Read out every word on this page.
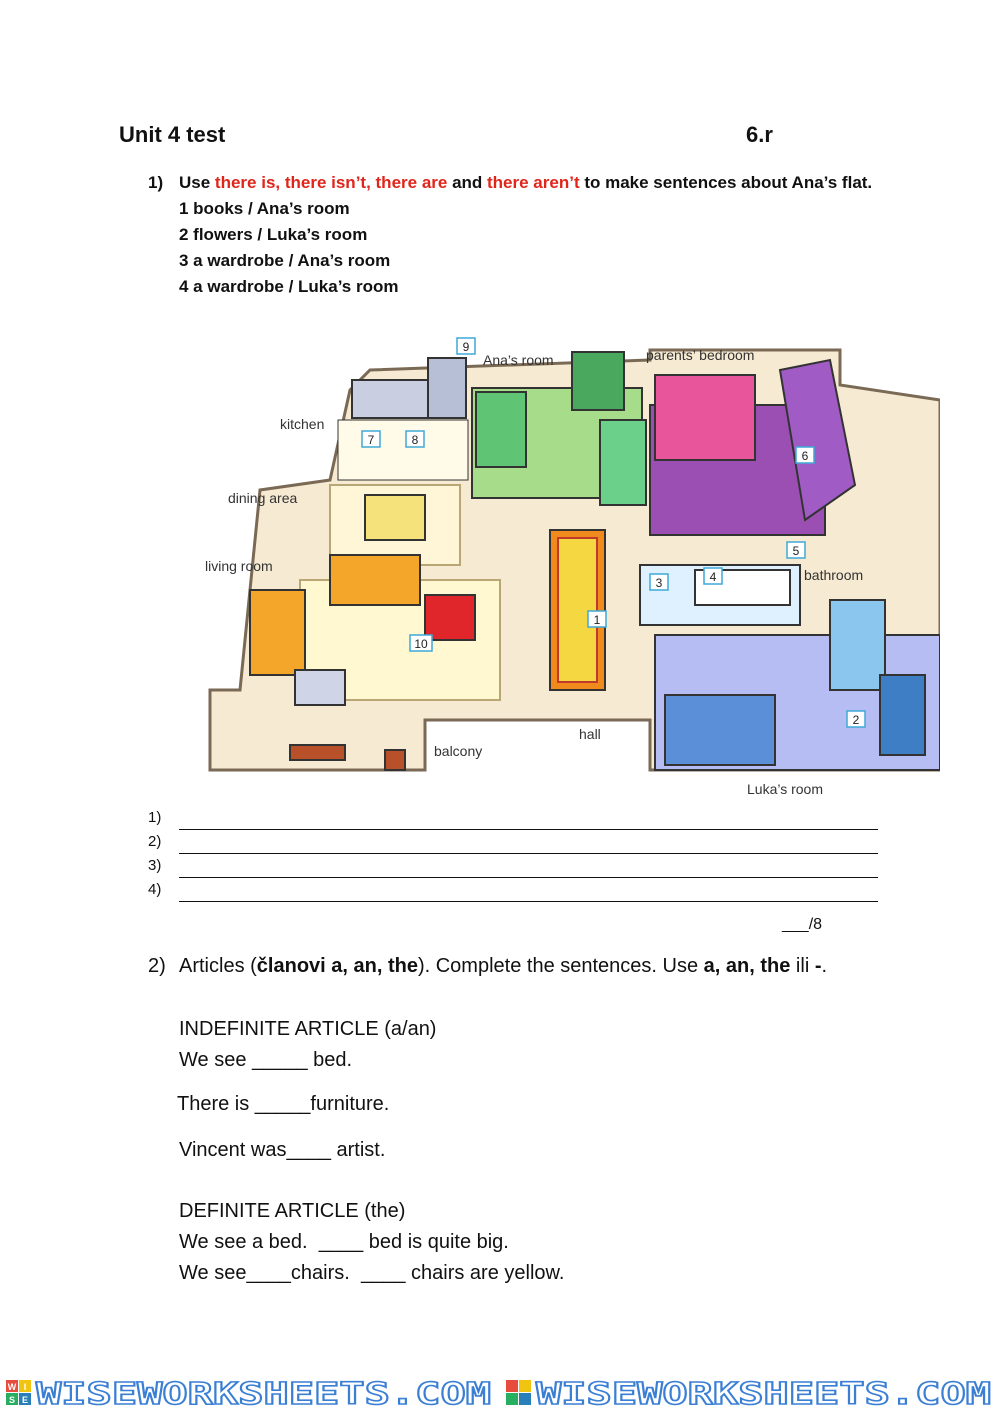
Unit 4 test	6.r
1) Use there is, there isn’t, there are and there aren’t to make sentences about Ana’s flat.
1 books / Ana’s room
2 flowers / Luka’s room
3 a wardrobe / Ana’s room
4 a wardrobe / Luka’s room
Ana’s room	parents’ bedroom
kitchen
dining area
living room
bathroom
hall
balcony
Luka’s room
1
2
3	4
5
6
7	8
9
10
1)
2)
3)
4)
___/8
2) Articles (članovi a, an, the). Complete the sentences. Use a, an, the ili -.
INDEFINITE ARTICLE (a/an)
We see _____ bed.
There is _____furniture.
Vincent was____ artist.
DEFINITE ARTICLE (the)
We see a bed.  ____ bed is quite big.
We see____chairs.  ____ chairs are yellow.
W I
S E WISEWORKSHEETS.COM WISEWORKSHEETS.COM
